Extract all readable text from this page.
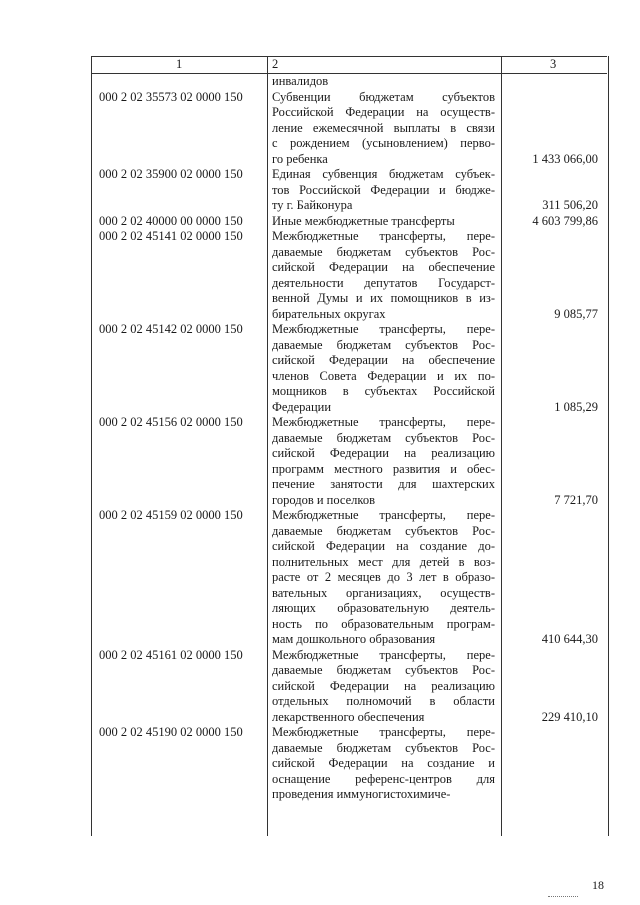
1	2	3
инвалидов
000 2 02 35573 02 0000 150 Субвенции бюджетам субъектов
Российской Федерации на осуществ-
ление ежемесячной выплаты в связи
с рождением (усыновлением) перво-
го ребенка
000 2 02 35900 02 0000 150 Единая субвенция бюджетам субъек-
тов Российской Федерации и бюдже-
ту г. Байконура
1 433 066,00
000 2 02 40000 00 0000 150 Иные межбюджетные трансферты
311 506,20
000 2 02 45141 02 0000 150 Межбюджетные трансферты, пере-
даваемые бюджетам субъектов Рос-
сийской Федерации на обеспечение
деятельности депутатов Государст-
венной Думы и их помощников в из-
бирательных округах
4 603 799,86
000 2 02 45142 02 0000 150 Межбюджетные трансферты, пере-
даваемые бюджетам субъектов Рос-
сийской Федерации на обеспечение
членов Совета Федерации и их по-
мощников в субъектах Российской
Федерации
9 085,77
000 2 02 45156 02 0000 150 Межбюджетные трансферты, пере-
даваемые бюджетам субъектов Рос-
сийской Федерации на реализацию
программ местного развития и обес-
печение занятости для шахтерских
городов и поселков
1 085,29
000 2 02 45159 02 0000 150 Межбюджетные трансферты, пере-
даваемые бюджетам субъектов Рос-
сийской Федерации на создание до-
полнительных мест для детей в воз-
расте от 2 месяцев до 3 лет в образо-
вательных организациях, осуществ-
ляющих образовательную деятель-
ность по образовательным програм-
мам дошкольного образования
7 721,70
000 2 02 45161 02 0000 150 Межбюджетные трансферты, пере-
даваемые бюджетам субъектов Рос-
сийской Федерации на реализацию
отдельных полномочий в области
лекарственного обеспечения
410 644,30
000 2 02 45190 02 0000 150 Межбюджетные трансферты, пере-
даваемые бюджетам субъектов Рос-
сийской Федерации на создание и
оснащение референс-центров для
проведения иммуногистохимиче-
229 410,10
18
